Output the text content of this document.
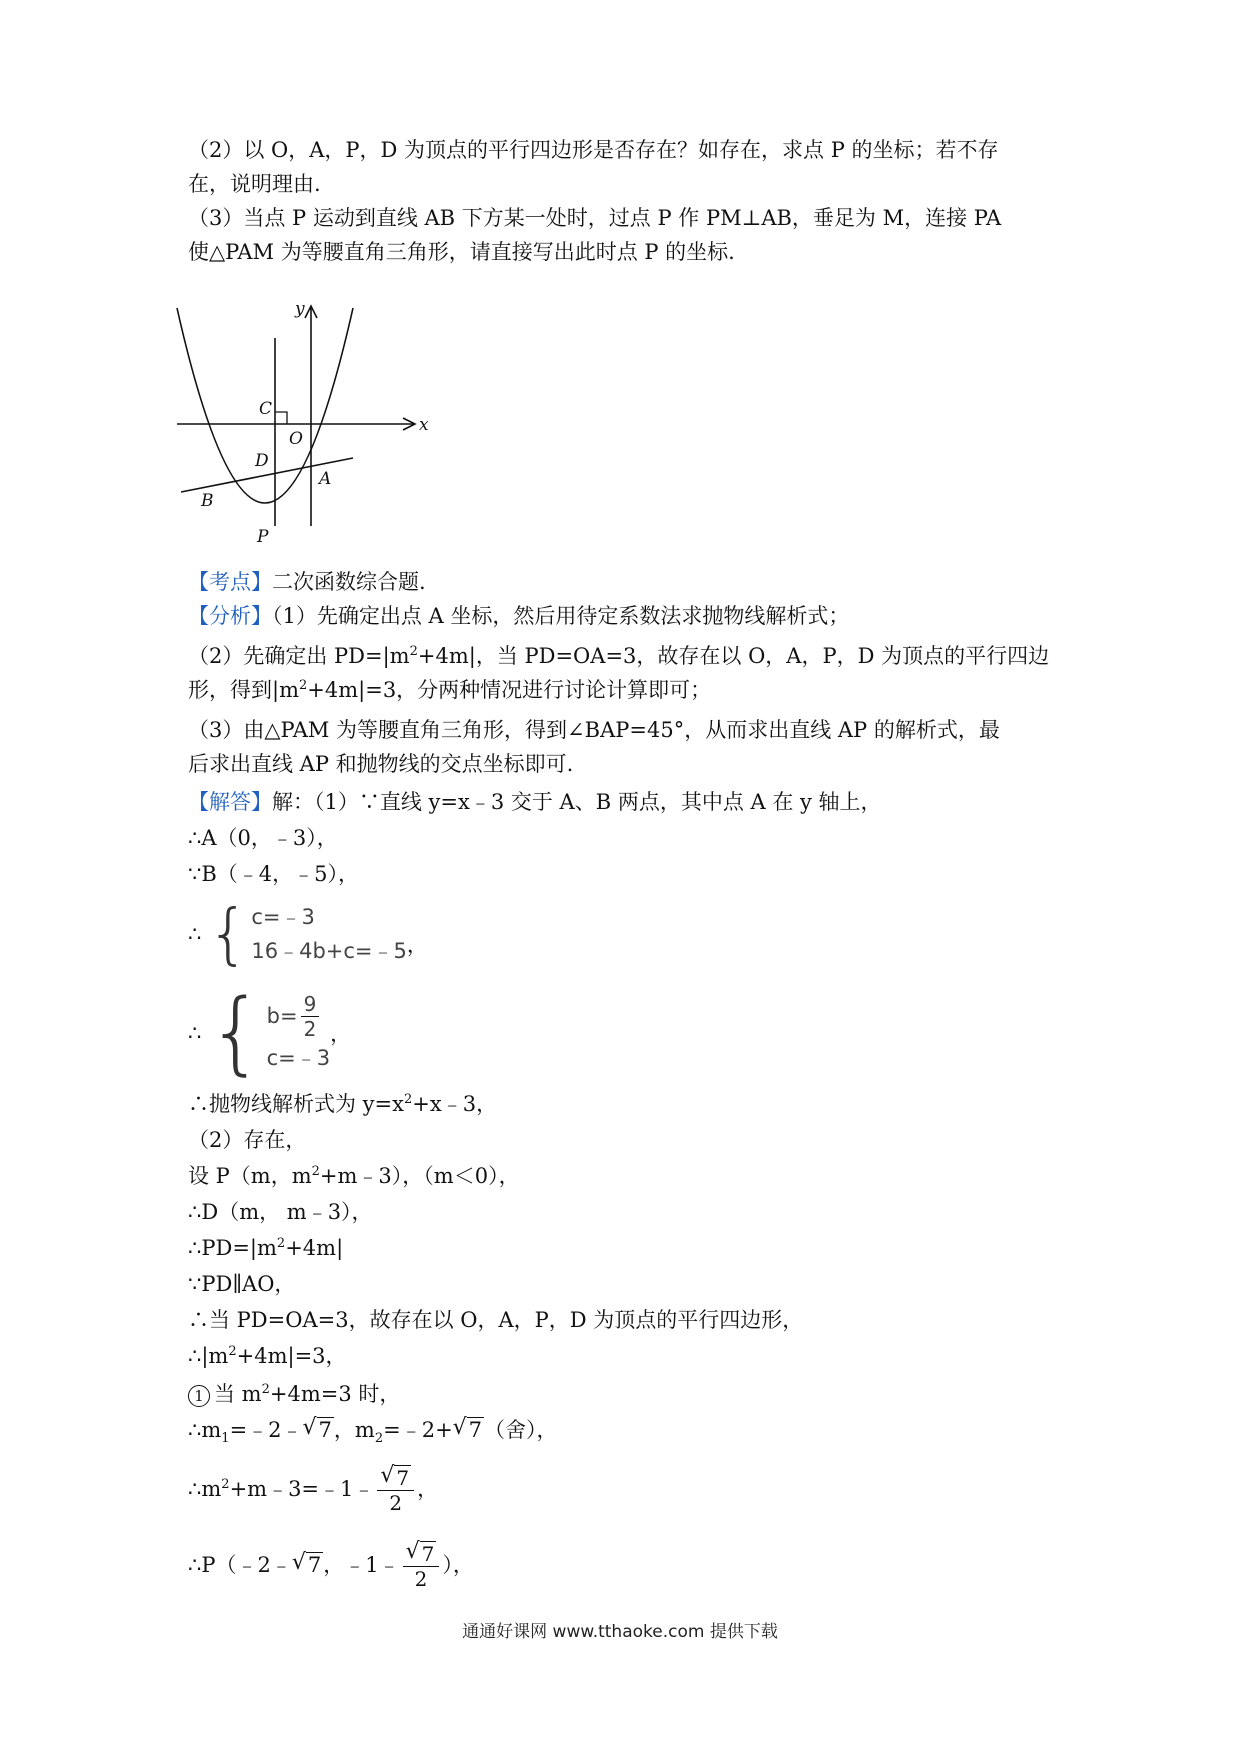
（2）以 O，A，P，D 为顶点的平行四边形是否存在？如存在，求点 P 的坐标；若不存
在，说明理由.
（3）当点 P 运动到直线 AB 下方某一处时，过点 P 作 PM⊥AB，垂足为 M，连接 PA
使△PAM 为等腰直角三角形，请直接写出此时点 P 的坐标.
y
x
C
O
D
A
B
P
【考点】二次函数综合题.
【分析】（1）先确定出点 A 坐标，然后用待定系数法求抛物线解析式；
（2）先确定出 $PD=|m^2+4m|$，当 PD=OA=3，故存在以 O，A，P，D 为顶点的平行四边
形，得到$|m^2+4m|=3$，分两种情况进行讨论计算即可；
（3）由△PAM 为等腰直角三角形，得到∠BAP=45°，从而求出直线 AP 的解析式，最
后求出直线 AP 和抛物线的交点坐标即可.
【解答】解：（1）∵直线 y=x﹣3 交于 A、B 两点，其中点 A 在 y 轴上，
∴A（0，﹣3），
∵B（﹣4，﹣5），
∴ { c=﹣3
16﹣4b+c=﹣5 ，
∴ { $b= \frac{9}{2}$
c=﹣3
，
∴抛物线解析式为 $y=x^2+x﹣3$，
（2）存在，
设 P（m，$m^2+m﹣3$），（m＜0），
∴D（m， m﹣3），
$\therefore PD=|m^2+4m|$
∵PD∥AO，
∴当 PD=OA=3，故存在以 O，A，P，D 为顶点的平行四边形，
$\therefore|m^2+4m|=3$，
1 当 $m^2+4m=3$ 时，
$\therefore m_1=﹣2﹣√$ 7，$m_2=﹣2+√$ 7（舍），
$\therefore m^2+m﹣3=﹣1﹣$
√ $\frac{7}{2}$ ，
∴P（﹣2﹣√ 7，﹣1﹣
√ $\frac{7}{2}$ ），
通通好课网 www.tthaoke.com 提供下载
